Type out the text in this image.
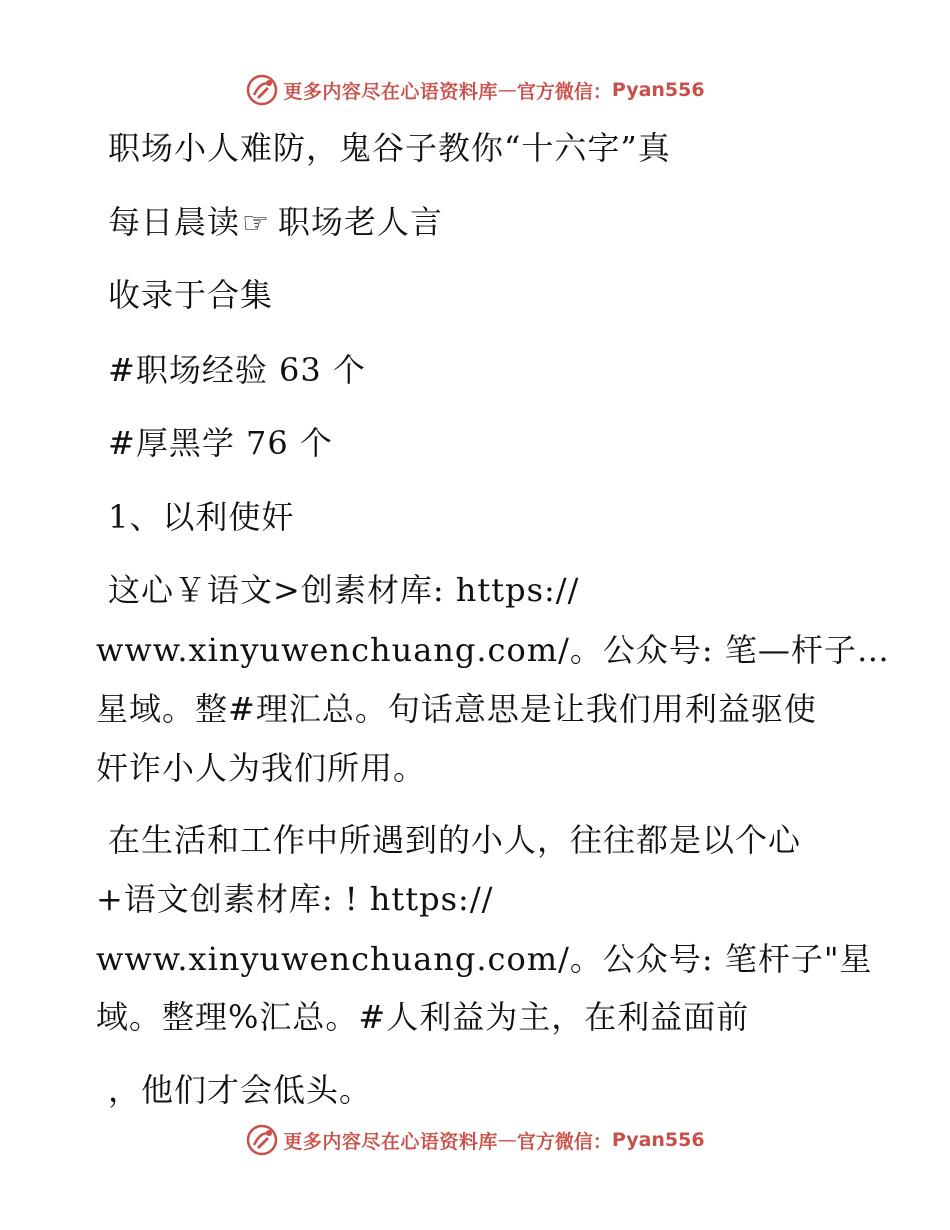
更多内容尽在心语资料库 — 官方微信： Pyan556
职场小人难防，鬼谷子教你“十六字”真
每日晨读☞ 职场老人言
收录于合集
#职场经验 63 个
#厚黑学 76 个
1、以利使奸
这心￥语文>创素材库: https://
www.xinyuwenchuang.com/。公众号: 笔—杆子…
星域。整#理汇总。句话意思是让我们用利益驱使
奸诈小人为我们所用。
在生活和工作中所遇到的小人，往往都是以个心
+语文创素材库: ! https://
www.xinyuwenchuang.com/。公众号: 笔杆子"星
域。整理%汇总。#人利益为主，在利益面前
，他们才会低头。
更多内容尽在心语资料库 — 官方微信： Pyan556
